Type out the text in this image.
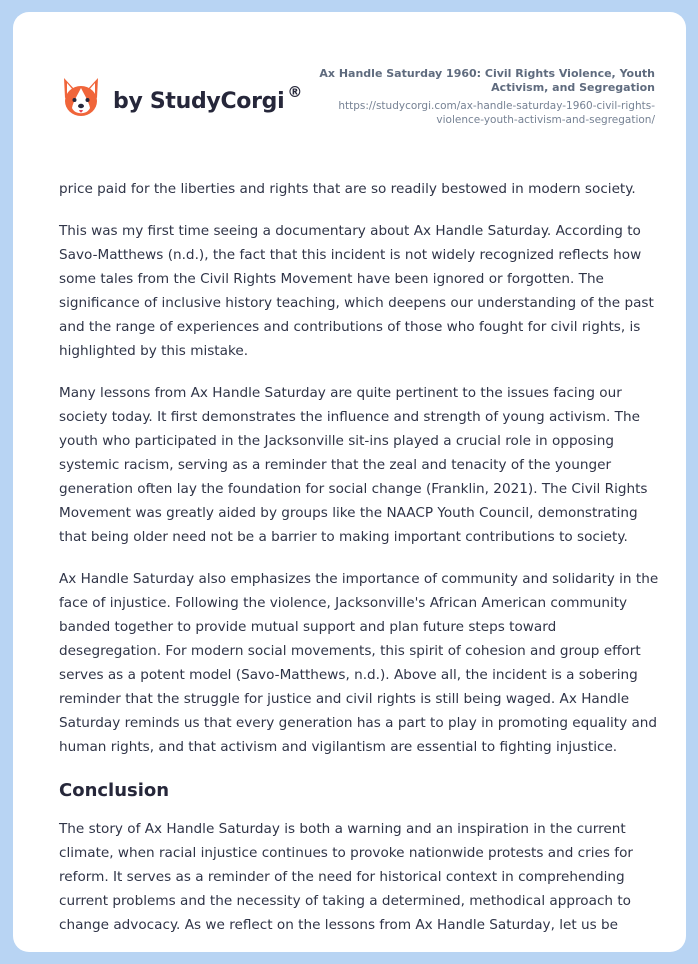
by StudyCorgi ®
Ax Handle Saturday 1960: Civil Rights Violence, Youth Activism, and Segregation
https://studycorgi.com/ax-handle-saturday-1960-civil-rights-violence-youth-activism-and-segregation/

price paid for the liberties and rights that are so readily bestowed in modern society.

This was my first time seeing a documentary about Ax Handle Saturday. According to Savo-Matthews (n.d.), the fact that this incident is not widely recognized reflects how some tales from the Civil Rights Movement have been ignored or forgotten. The significance of inclusive history teaching, which deepens our understanding of the past and the range of experiences and contributions of those who fought for civil rights, is highlighted by this mistake.

Many lessons from Ax Handle Saturday are quite pertinent to the issues facing our society today. It first demonstrates the influence and strength of young activism. The youth who participated in the Jacksonville sit-ins played a crucial role in opposing systemic racism, serving as a reminder that the zeal and tenacity of the younger generation often lay the foundation for social change (Franklin, 2021). The Civil Rights Movement was greatly aided by groups like the NAACP Youth Council, demonstrating that being older need not be a barrier to making important contributions to society.

Ax Handle Saturday also emphasizes the importance of community and solidarity in the face of injustice. Following the violence, Jacksonville's African American community banded together to provide mutual support and plan future steps toward desegregation. For modern social movements, this spirit of cohesion and group effort serves as a potent model (Savo-Matthews, n.d.). Above all, the incident is a sobering reminder that the struggle for justice and civil rights is still being waged. Ax Handle Saturday reminds us that every generation has a part to play in promoting equality and human rights, and that activism and vigilantism are essential to fighting injustice.

Conclusion

The story of Ax Handle Saturday is both a warning and an inspiration in the current climate, when racial injustice continues to provoke nationwide protests and cries for reform. It serves as a reminder of the need for historical context in comprehending current problems and the necessity of taking a determined, methodical approach to change advocacy. As we reflect on the lessons from Ax Handle Saturday, let us be
